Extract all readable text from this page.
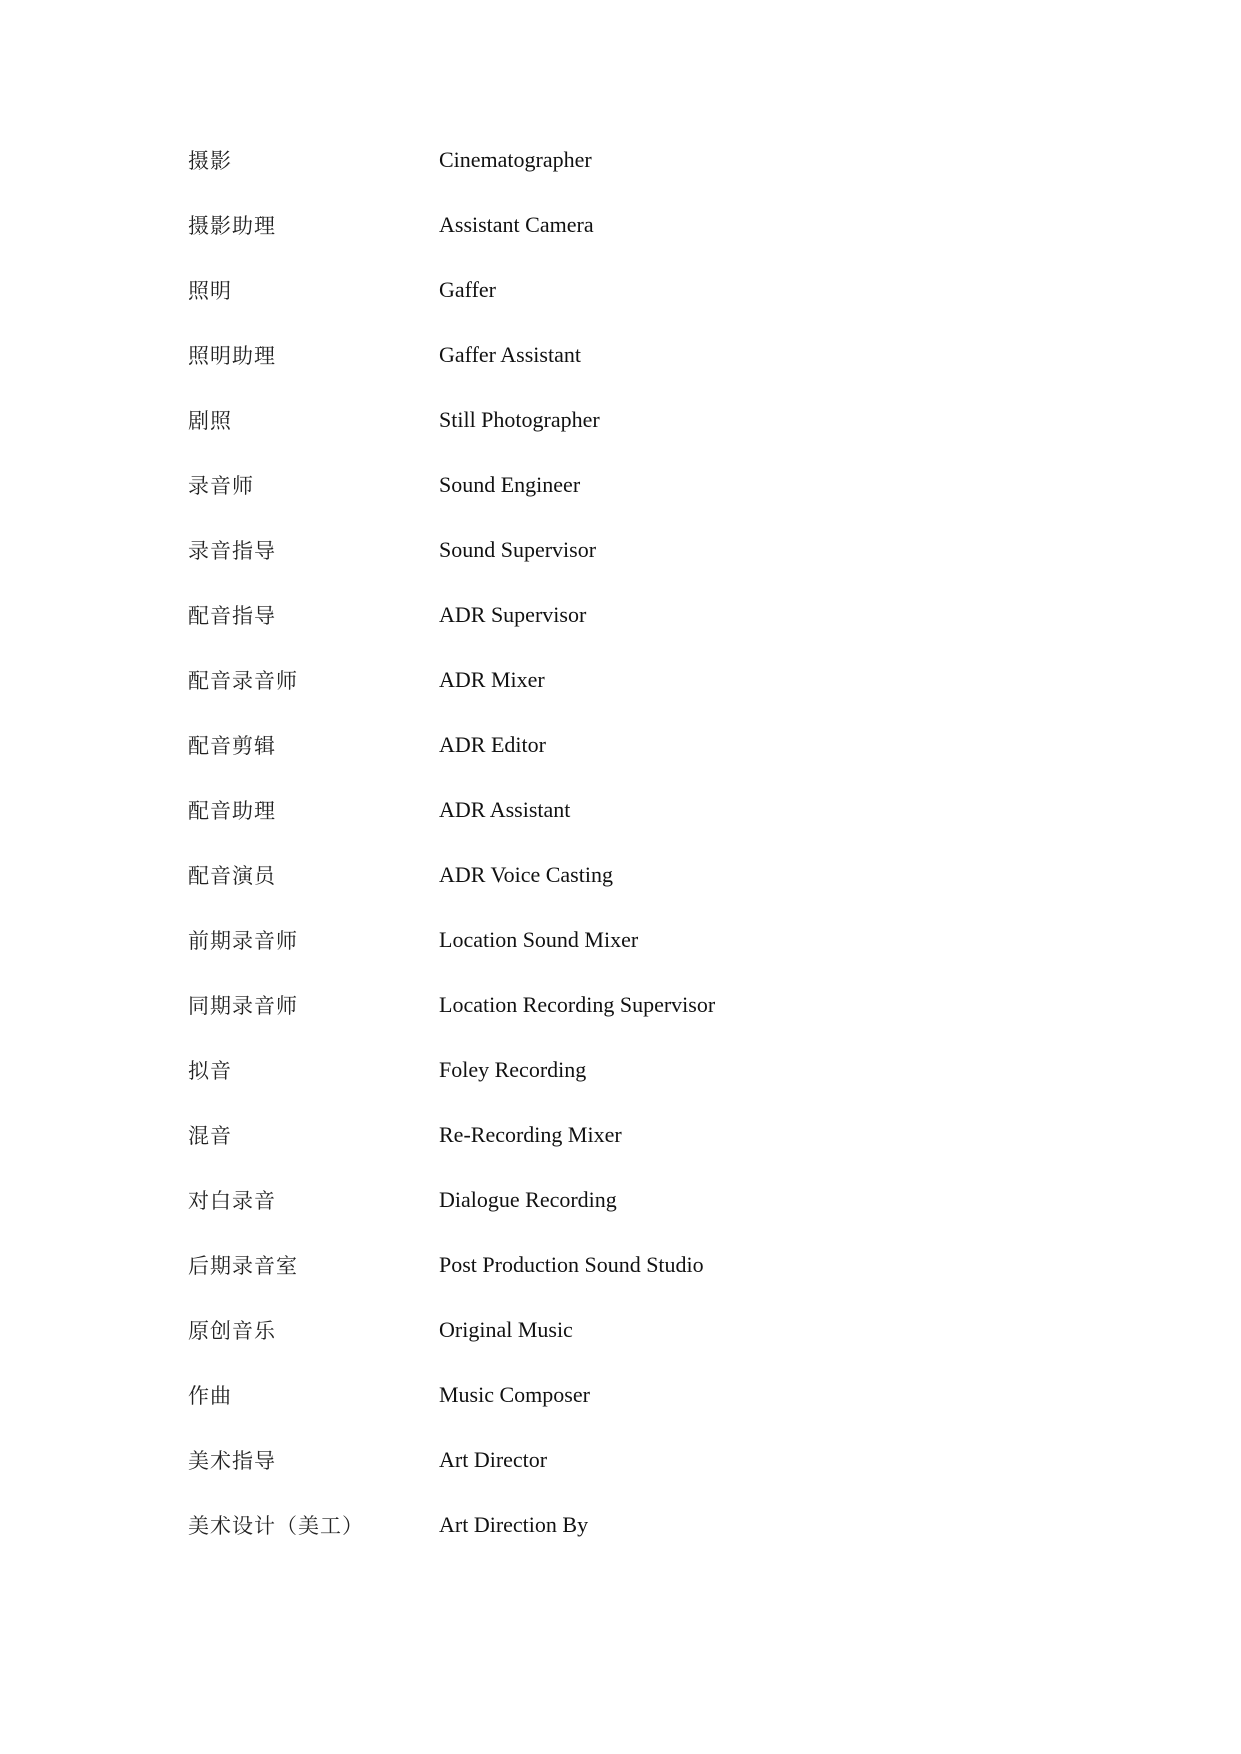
摄影	Cinematographer
摄影助理	Assistant Camera
照明	Gaffer
照明助理	Gaffer Assistant
剧照	Still Photographer
录音师	Sound Engineer
录音指导	Sound Supervisor
配音指导	ADR Supervisor
配音录音师	ADR Mixer
配音剪辑	ADR Editor
配音助理	ADR Assistant
配音演员	ADR Voice Casting
前期录音师	Location Sound Mixer
同期录音师	Location Recording Supervisor
拟音	Foley Recording
混音	Re-Recording Mixer
对白录音	Dialogue Recording
后期录音室	Post Production Sound Studio
原创音乐	Original Music
作曲	Music Composer
美术指导	Art Director
美术设计（美工）	Art Direction By
